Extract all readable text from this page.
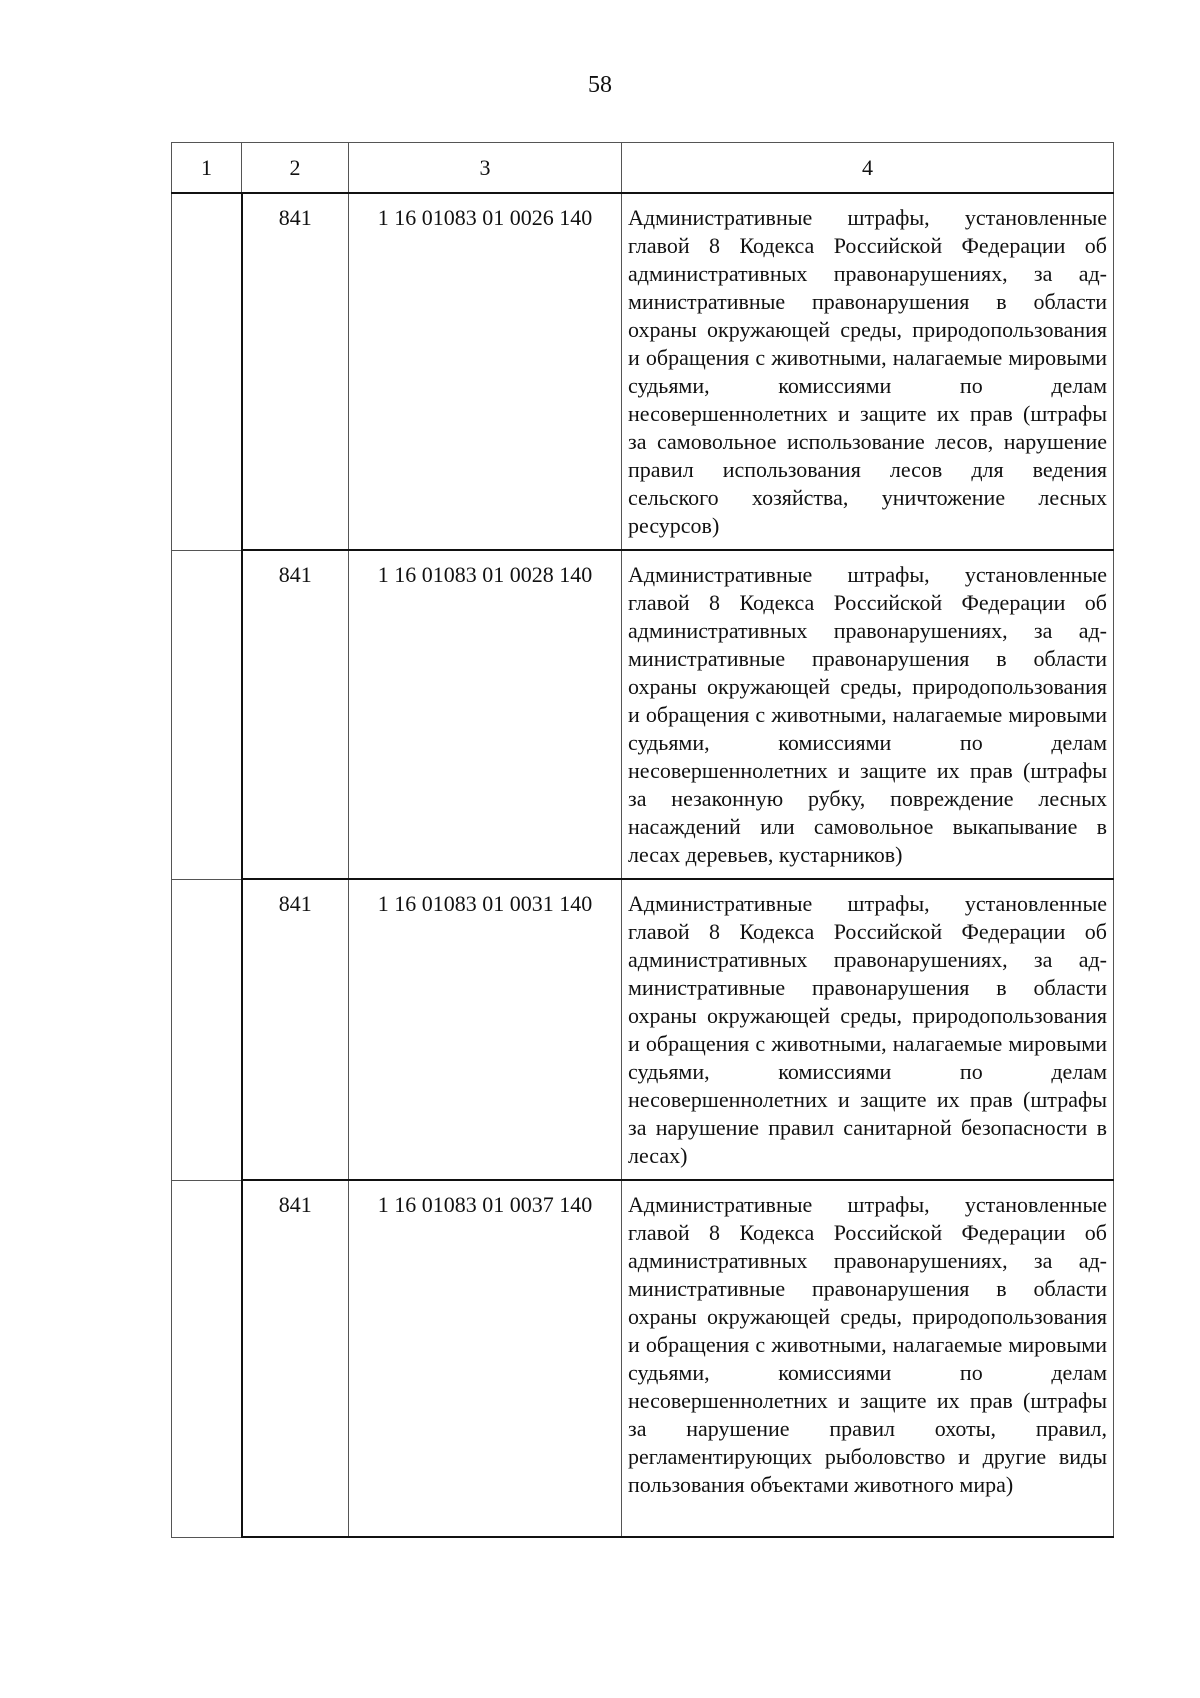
58
1	2	3	4
	841	1 16 01083 01 0026 140	Административные штрафы, установленные главой 8 Кодекса Российской Федерации об административных правонарушениях, за административные правонарушения в области охраны окружающей среды, природопользования и обращения с животными, налагаемые мировыми судьями, комиссиями по делам несовершеннолетних и защите их прав (штрафы за самовольное использование лесов, нарушение правил использования лесов для ведения сельского хозяйства, уничтожение лесных ресурсов)
	841	1 16 01083 01 0028 140	Административные штрафы, установленные главой 8 Кодекса Российской Федерации об административных правонарушениях, за административные правонарушения в области охраны окружающей среды, природопользования и обращения с животными, налагаемые мировыми судьями, комиссиями по делам несовершеннолетних и защите их прав (штрафы за незаконную рубку, повреждение лесных насаждений или самовольное выкапывание в лесах деревьев, кустарников)
	841	1 16 01083 01 0031 140	Административные штрафы, установленные главой 8 Кодекса Российской Федерации об административных правонарушениях, за административные правонарушения в области охраны окружающей среды, природопользования и обращения с животными, налагаемые мировыми судьями, комиссиями по делам несовершеннолетних и защите их прав (штрафы за нарушение правил санитарной безопасности в лесах)
	841	1 16 01083 01 0037 140	Административные штрафы, установленные главой 8 Кодекса Российской Федерации об административных правонарушениях, за административные правонарушения в области охраны окружающей среды, природопользования и обращения с животными, налагаемые мировыми судьями, комиссиями по делам несовершеннолетних и защите их прав (штрафы за нарушение правил охоты, правил, регламентирующих рыболовство и другие виды пользования объектами животного мира)
